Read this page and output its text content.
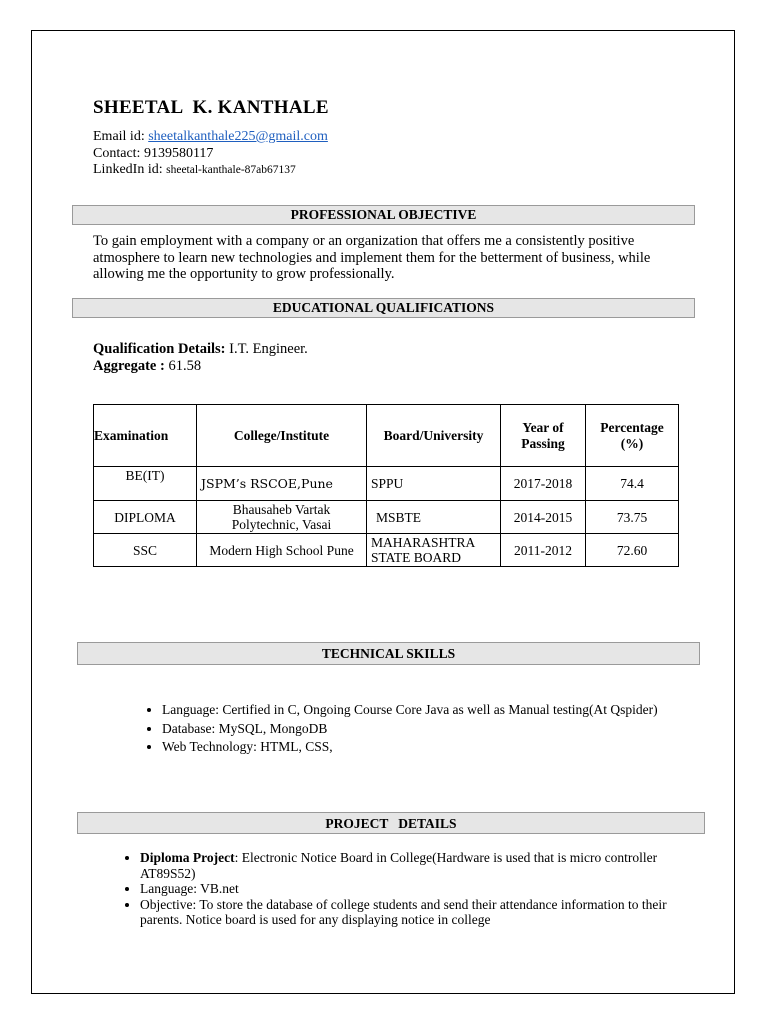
SHEETAL  K. KANTHALE
Email id: sheetalkanthale225@gmail.com
Contact: 9139580117
LinkedIn id: sheetal-kanthale-87ab67137
PROFESSIONAL OBJECTIVE
To gain employment with a company or an organization that offers me a consistently positive atmosphere to learn new technologies and implement them for the betterment of business, while allowing me the opportunity to grow professionally.
EDUCATIONAL QUALIFICATIONS
Qualification Details: I.T. Engineer.
Aggregate : 61.58
Examination	College/Institute	Board/University	Year of Passing	Percentage (%)
BE(IT)	JSPM’s RSCOE,Pune	SPPU	2017-2018	74.4
DIPLOMA	Bhausaheb Vartak Polytechnic, Vasai	MSBTE	2014-2015	73.75
SSC	Modern High School Pune	MAHARASHTRA STATE BOARD	2011-2012	72.60
TECHNICAL SKILLS
• Language: Certified in C, Ongoing Course Core Java as well as Manual testing(At Qspider)
• Database: MySQL, MongoDB
• Web Technology: HTML, CSS,
PROJECT   DETAILS
• Diploma Project: Electronic Notice Board in College(Hardware is used that is micro controller AT89S52)
• Language: VB.net
• Objective: To store the database of college students and send their attendance information to their parents. Notice board is used for any displaying notice in college
